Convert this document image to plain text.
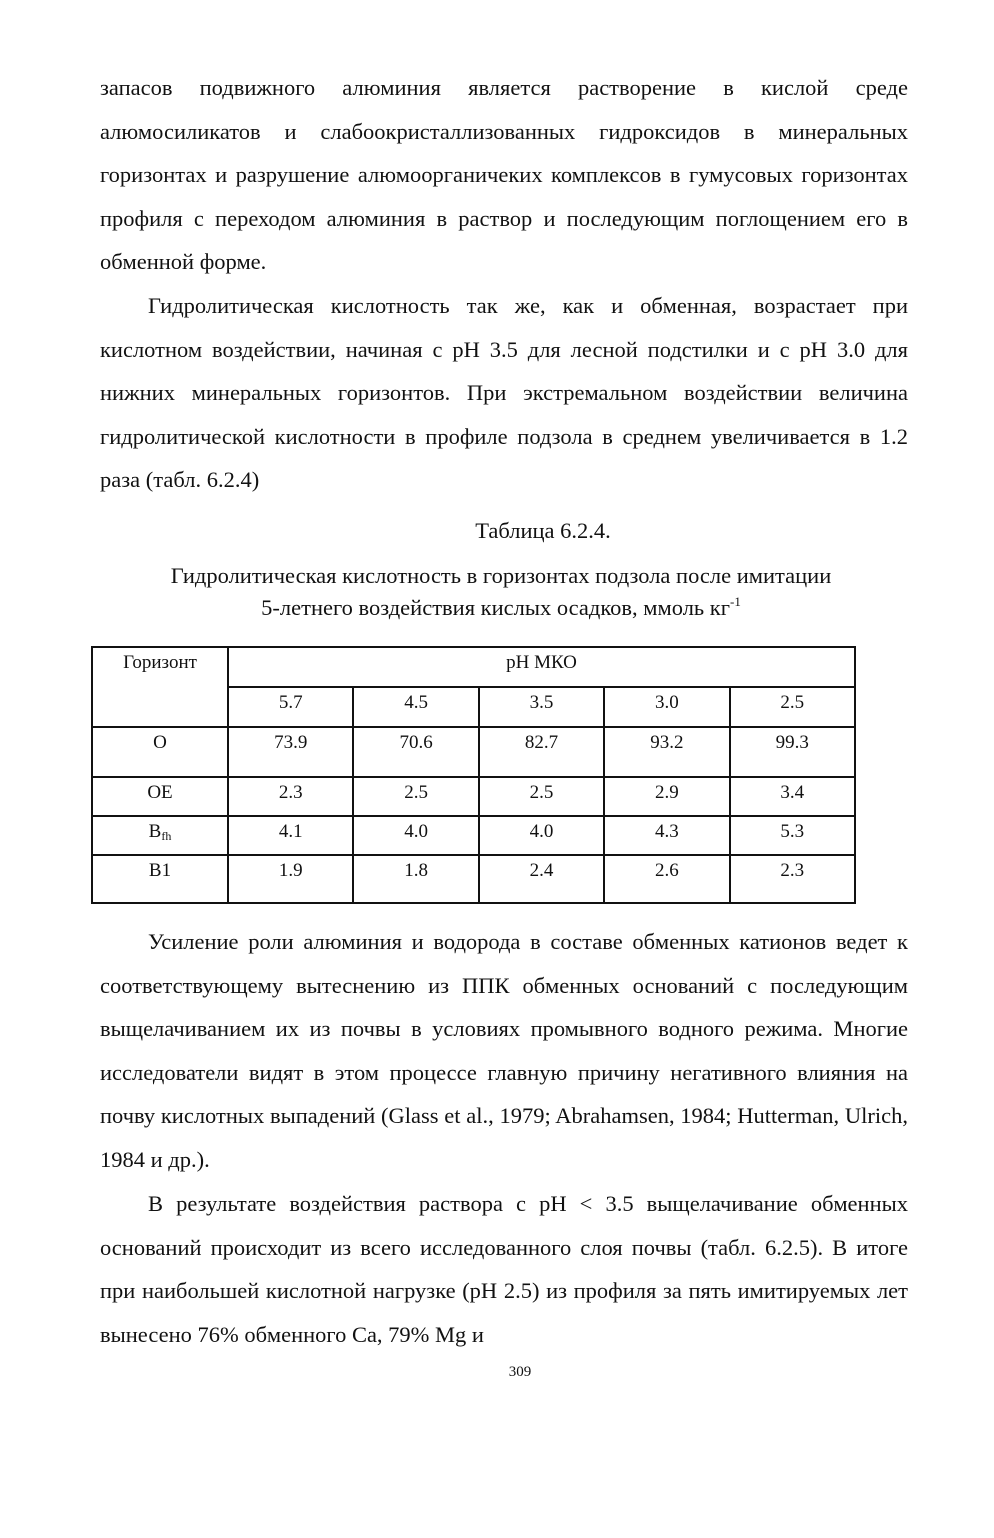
запасов подвижного алюминия является растворение в кислой среде алюмосиликатов и слабоокристаллизованных гидроксидов в минеральных горизонтах и разрушение алюмоорганичеких комплексов в гумусовых горизонтах профиля с переходом алюминия в раствор и последующим поглощением его в обменной форме.

Гидролитическая кислотность так же, как и обменная, возрастает при кислотном воздействии, начиная с pH 3.5 для лесной подстилки и с pH 3.0 для нижних минеральных горизонтов. При экстремальном воздействии величина гидролитической кислотности в профиле подзола в среднем увеличивается в 1.2 раза (табл. 6.2.4)

Таблица 6.2.4.

Гидролитическая кислотность в горизонтах подзола после имитации
5-летнего воздействия кислых осадков, ммоль $кг^{-1}$
Горизонт	pH МКО				
	5.7	4.5	3.5	3.0	2.5
O	73.9	70.6	82.7	93.2	99.3
OE	2.3	2.5	2.5	2.9	3.4
$B_{fh}$	4.1	4.0	4.0	4.3	5.3
B1	1.9	1.8	2.4	2.6	2.3

Усиление роли алюминия и водорода в составе обменных катионов ведет к соответствующему вытеснению из ППК обменных оснований с последующим выщелачиванием их из почвы в условиях промывного водного режима. Многие исследователи видят в этом процессе главную причину негативного влияния на почву кислотных выпадений (Glass et al., 1979; Abrahamsen, 1984; Hutterman, Ulrich, 1984 и др.).

В результате воздействия раствора с pH < 3.5 выщелачивание обменных оснований происходит из всего исследованного слоя почвы (табл. 6.2.5). В итоге при наибольшей кислотной нагрузке (pH 2.5) из профиля за пять имитируемых лет вынесено 76% обменного Ca, 79% Mg и

309
